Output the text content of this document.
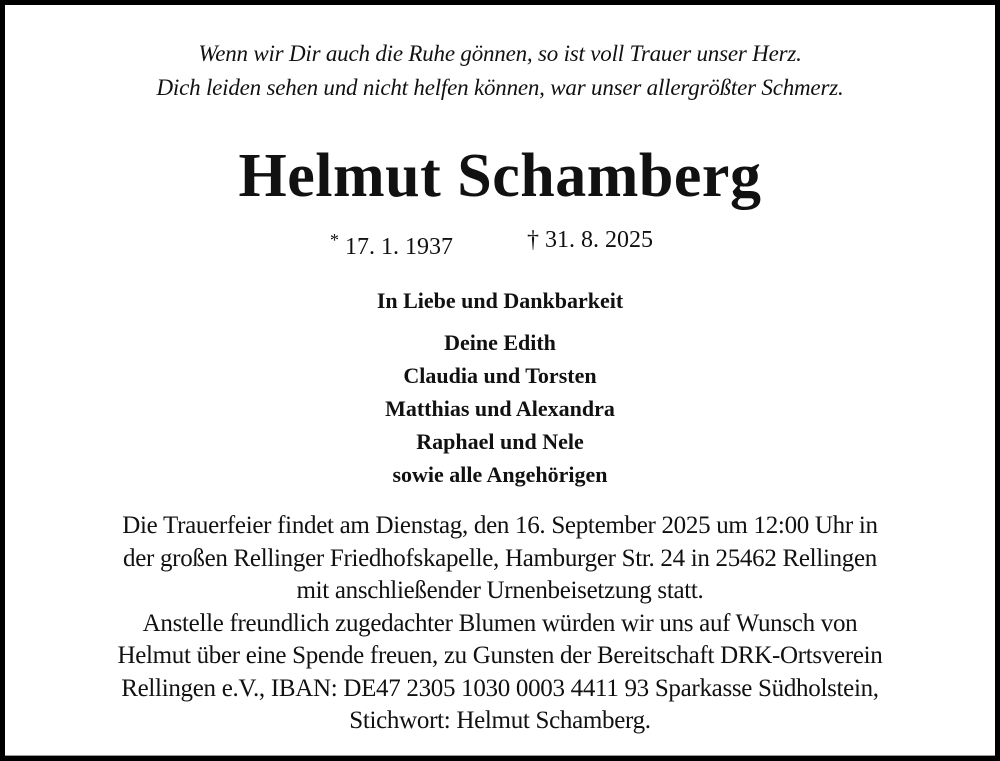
Wenn wir Dir auch die Ruhe gönnen, so ist voll Trauer unser Herz.
Dich leiden sehen und nicht helfen können, war unser allergrößter Schmerz.
Helmut Schamberg
* 17. 1. 1937	† 31. 8. 2025
In Liebe und Dankbarkeit
Deine Edith
Claudia und Torsten
Matthias und Alexandra
Raphael und Nele
sowie alle Angehörigen
Die Trauerfeier findet am Dienstag, den 16. September 2025 um 12:00 Uhr in
der großen Rellinger Friedhofskapelle, Hamburger Str. 24 in 25462 Rellingen
mit anschließender Urnenbeisetzung statt.
Anstelle freundlich zugedachter Blumen würden wir uns auf Wunsch von
Helmut über eine Spende freuen, zu Gunsten der Bereitschaft DRK-Ortsverein
Rellingen e.V., IBAN: DE47 2305 1030 0003 4411 93 Sparkasse Südholstein,
Stichwort: Helmut Schamberg.
